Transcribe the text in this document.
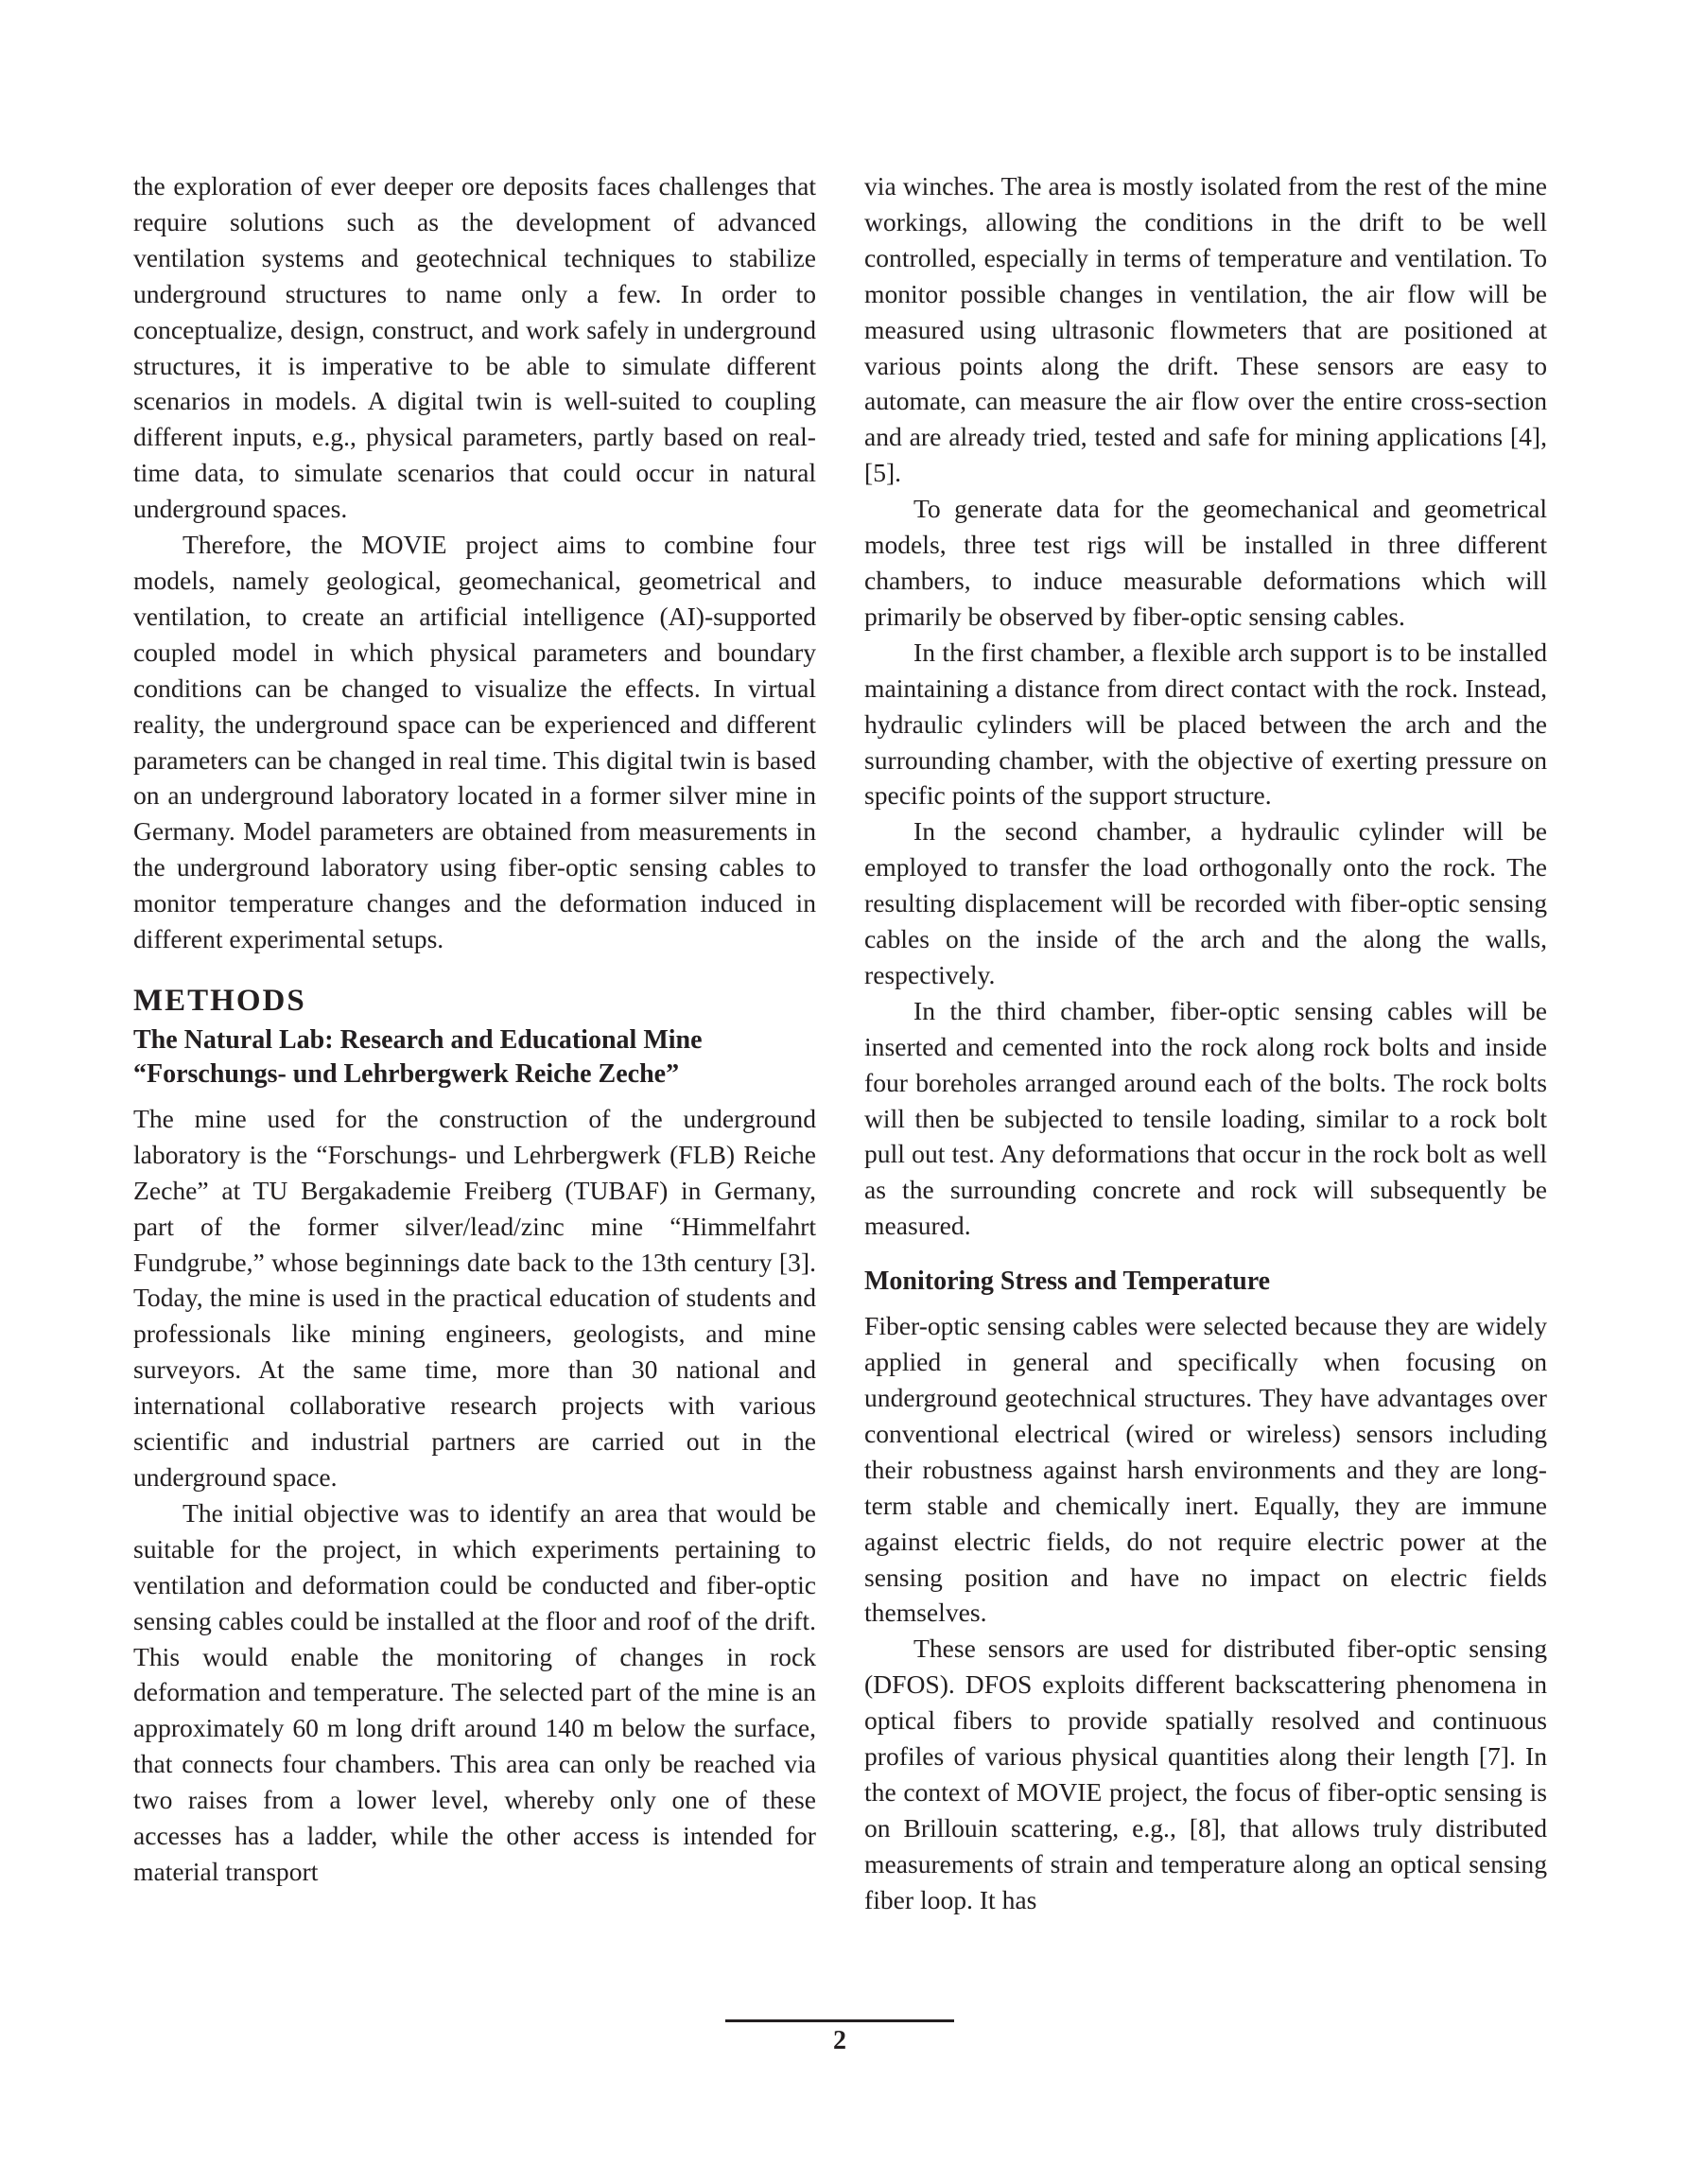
the exploration of ever deeper ore deposits faces challenges that require solutions such as the development of advanced ventilation systems and geotechnical techniques to stabilize underground structures to name only a few. In order to conceptualize, design, construct, and work safely in underground structures, it is imperative to be able to simulate different scenarios in models. A digital twin is well-suited to coupling different inputs, e.g., physical parameters, partly based on real-time data, to simulate scenarios that could occur in natural underground spaces.

Therefore, the MOVIE project aims to combine four models, namely geological, geomechanical, geometrical and ventilation, to create an artificial intelligence (AI)-supported coupled model in which physical parameters and boundary conditions can be changed to visualize the effects. In virtual reality, the underground space can be experienced and different parameters can be changed in real time. This digital twin is based on an underground laboratory located in a former silver mine in Germany. Model parameters are obtained from measurements in the underground laboratory using fiber-optic sensing cables to monitor temperature changes and the deformation induced in different experimental setups.

METHODS
The Natural Lab: Research and Educational Mine
“Forschungs- und Lehrbergwerk Reiche Zeche”

The mine used for the construction of the underground laboratory is the “Forschungs- und Lehrbergwerk (FLB) Reiche Zeche” at TU Bergakademie Freiberg (TUBAF) in Germany, part of the former silver/lead/zinc mine “Himmelfahrt Fundgrube,” whose beginnings date back to the 13th century [3]. Today, the mine is used in the practical education of students and professionals like mining engineers, geologists, and mine surveyors. At the same time, more than 30 national and international collaborative research projects with various scientific and industrial partners are carried out in the underground space.

The initial objective was to identify an area that would be suitable for the project, in which experiments pertaining to ventilation and deformation could be conducted and fiber-optic sensing cables could be installed at the floor and roof of the drift. This would enable the monitoring of changes in rock deformation and temperature. The selected part of the mine is an approximately 60 m long drift around 140 m below the surface, that connects four chambers. This area can only be reached via two raises from a lower level, whereby only one of these accesses has a ladder, while the other access is intended for material transport

via winches. The area is mostly isolated from the rest of the mine workings, allowing the conditions in the drift to be well controlled, especially in terms of temperature and ventilation. To monitor possible changes in ventilation, the air flow will be measured using ultrasonic flowmeters that are positioned at various points along the drift. These sensors are easy to automate, can measure the air flow over the entire cross-section and are already tried, tested and safe for mining applications [4], [5].

To generate data for the geomechanical and geometrical models, three test rigs will be installed in three different chambers, to induce measurable deformations which will primarily be observed by fiber-optic sensing cables.

In the first chamber, a flexible arch support is to be installed maintaining a distance from direct contact with the rock. Instead, hydraulic cylinders will be placed between the arch and the surrounding chamber, with the objective of exerting pressure on specific points of the support structure.

In the second chamber, a hydraulic cylinder will be employed to transfer the load orthogonally onto the rock. The resulting displacement will be recorded with fiber-optic sensing cables on the inside of the arch and the along the walls, respectively.

In the third chamber, fiber-optic sensing cables will be inserted and cemented into the rock along rock bolts and inside four boreholes arranged around each of the bolts. The rock bolts will then be subjected to tensile loading, similar to a rock bolt pull out test. Any deformations that occur in the rock bolt as well as the surrounding concrete and rock will subsequently be measured.

Monitoring Stress and Temperature

Fiber-optic sensing cables were selected because they are widely applied in general and specifically when focusing on underground geotechnical structures. They have advantages over conventional electrical (wired or wireless) sensors including their robustness against harsh environments and they are long-term stable and chemically inert. Equally, they are immune against electric fields, do not require electric power at the sensing position and have no impact on electric fields themselves.

These sensors are used for distributed fiber-optic sensing (DFOS). DFOS exploits different backscattering phenomena in optical fibers to provide spatially resolved and continuous profiles of various physical quantities along their length [7]. In the context of MOVIE project, the focus of fiber-optic sensing is on Brillouin scattering, e.g., [8], that allows truly distributed measurements of strain and temperature along an optical sensing fiber loop. It has

2
